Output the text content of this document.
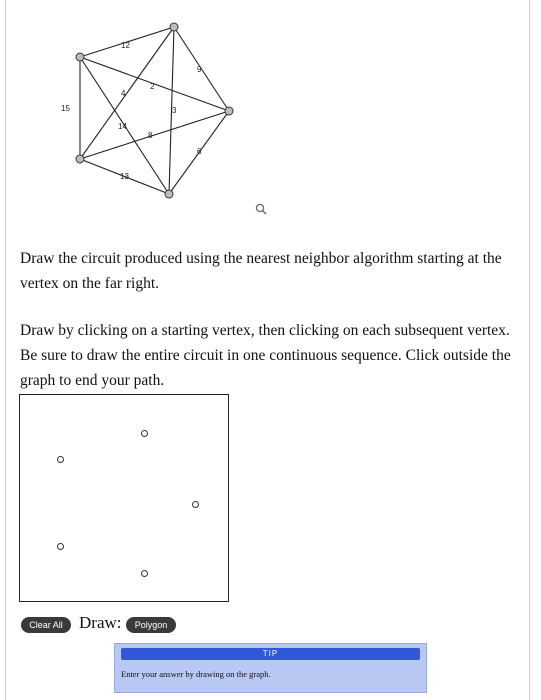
12
15
9
4
2
3
14
8
6
13
Draw the circuit produced using the nearest neighbor algorithm starting at the vertex on the far right.
Draw by clicking on a starting vertex, then clicking on each subsequent vertex. Be sure to draw the entire circuit in one continuous sequence. Click outside the graph to end your path.
Clear All Draw:	Polygon
TIP
Enter your answer by drawing on the graph.
